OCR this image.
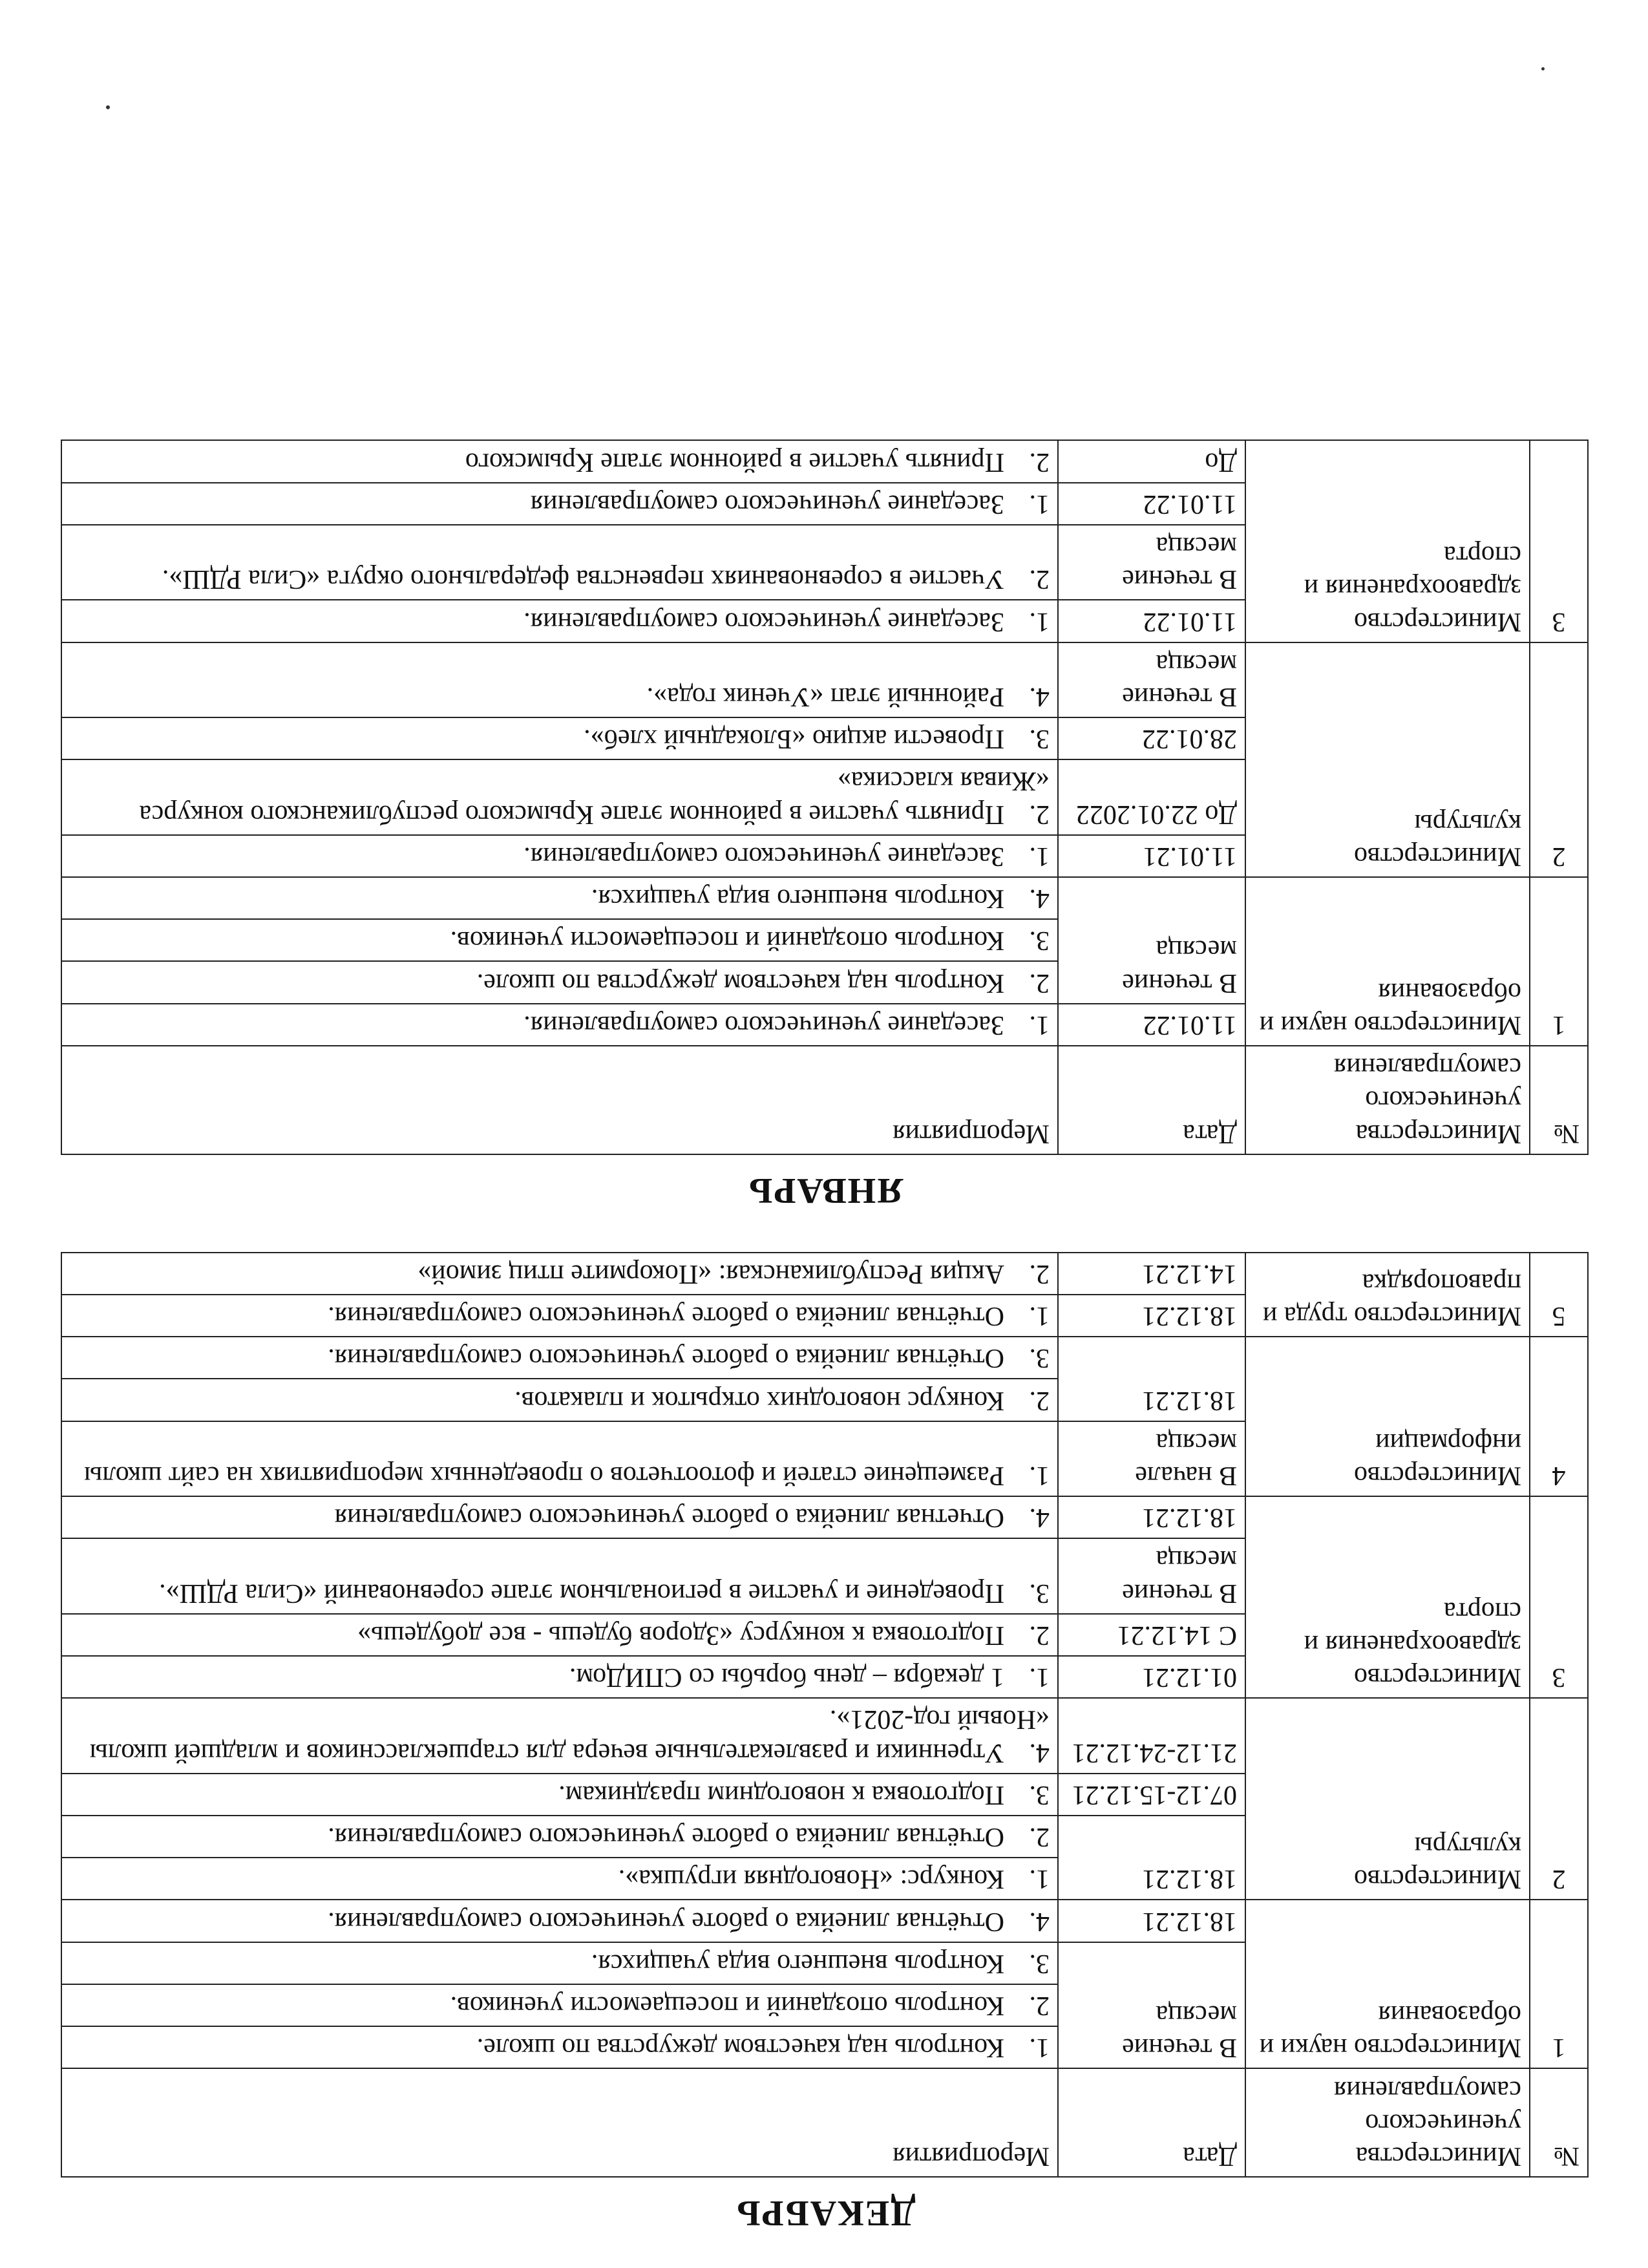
ДЕКАБРЬ
№	Министерства ученического самоуправления	Дата	Мероприятия
1	Министерство науки и образования	В течение месяца	1.Контроль над качеством дежурства по школе.
			2.Контроль опозданий и посещаемости учеников.
			3.Контроль внешнего вида учащихся.
		18.12.21	4.Отчётная линейка о работе ученического самоуправления.
2	Министерство культуры	18.12.21	1.Конкурс: «Новогодняя игрушка».
			2.Отчётная линейка о работе ученического самоуправления.
		07.12-15.12.21	3.Подготовка к новогодним праздникам.
		21.12-24.12.21	4.Утренники и развлекательные вечера для старшеклассников и младшей школы «Новый год-2021».
3	Министерство здравоохранения и спорта	01.12.21	1.1 декабря – день борьбы со СПИДом.
		С 14.12.21	2.Подготовка к конкурсу «Здоров будешь - все добудешь»
		В течение месяца	3.Проведение и участие в региональном этапе соревнований «Сила РДШ».
		18.12.21	4.Отчетная линейка о работе ученического самоуправления
4	Министерство информации	В начале месяца	1.Размещение статей и фотоотчетов о проведенных мероприятиях на сайт школы
		18.12.21	2.Конкурс новогодних открыток и плакатов.
			3.Отчётная линейка о работе ученического самоуправления.
5	Министерство труда и правопорядка	18.12.21	1.Отчётная линейка о работе ученического самоуправления.
		14.12.21	2.Акция Республиканская: «Покормите птиц зимой»
ЯНВАРЬ
№	Министерства ученического самоуправления	Дата	Мероприятия
1	Министерство науки и образования	11.01.22	1.Заседание ученического самоуправления.
		В течение месяца	2.Контроль над качеством дежурства по школе.
			3.Контроль опозданий и посещаемости учеников.
			4.Контроль внешнего вида учащихся.
2	Министерство культуры	11.01.21	1.Заседание ученического самоуправления.
		До 22.01.2022	2.Принять участие в районном этапе Крымского республиканского конкурса «Живая классика»
		28.01.22	3.Провести акцию «Блокадный хлеб».
		В течение месяца	4.Районный этап «Ученик года».
3	Министерство здравоохранения и спорта	11.01.22	1.Заседание ученического самоуправления.
		В течение месяца	2.Участие в соревнованиях первенства федерального округа «Сила РДШ».
		11.01.22	1.Заседание ученического самоуправления
		До	2.Принять участие в районном этапе Крымского
